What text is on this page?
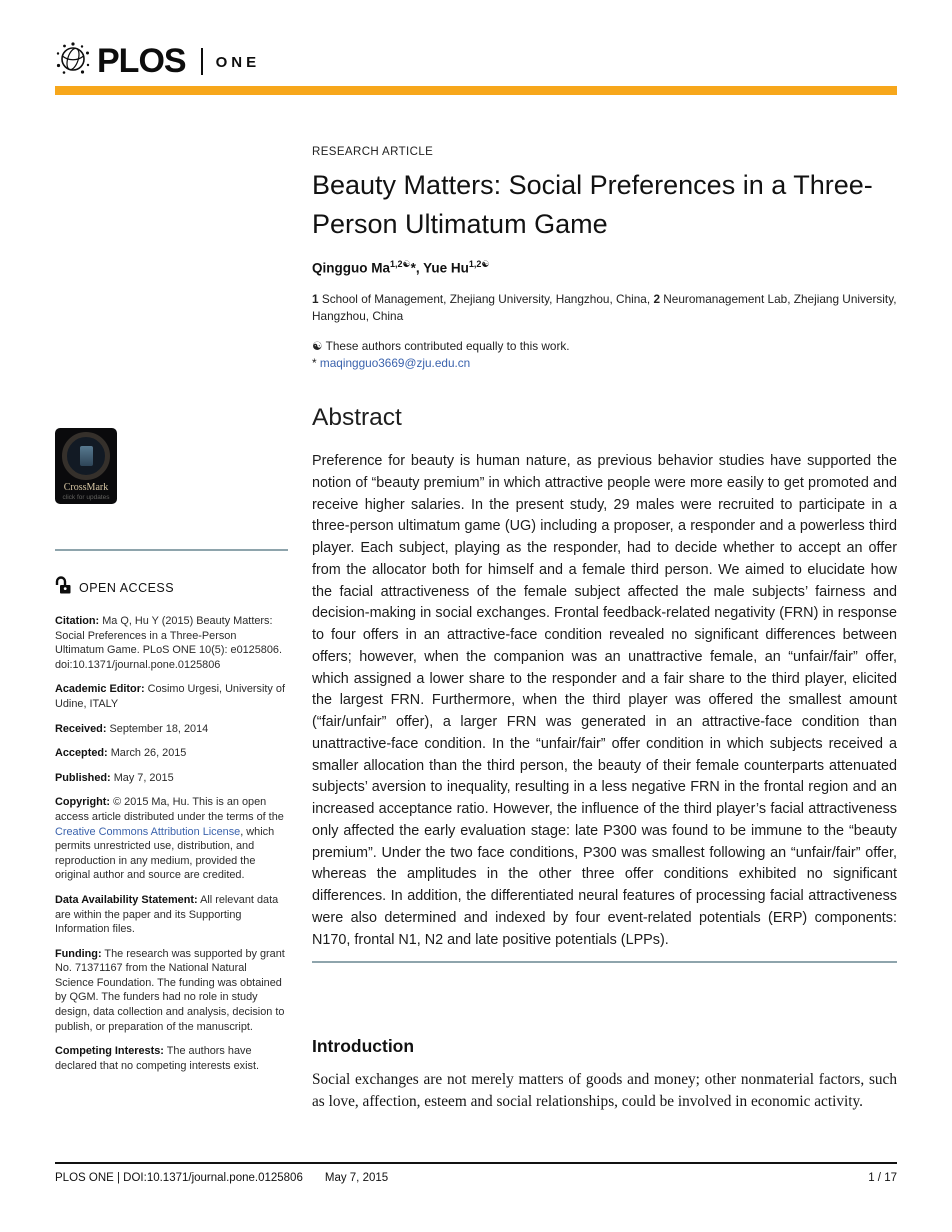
PLOS ONE
CrossMark
click for updates
OPEN ACCESS
Citation: Ma Q, Hu Y (2015) Beauty Matters: Social Preferences in a Three-Person Ultimatum Game. PLoS ONE 10(5): e0125806. doi:10.1371/journal.pone.0125806
Academic Editor: Cosimo Urgesi, University of Udine, ITALY
Received: September 18, 2014
Accepted: March 26, 2015
Published: May 7, 2015
Copyright: © 2015 Ma, Hu. This is an open access article distributed under the terms of the Creative Commons Attribution License, which permits unrestricted use, distribution, and reproduction in any medium, provided the original author and source are credited.
Data Availability Statement: All relevant data are within the paper and its Supporting Information files.
Funding: The research was supported by grant No. 71371167 from the National Natural Science Foundation. The funding was obtained by QGM. The funders had no role in study design, data collection and analysis, decision to publish, or preparation of the manuscript.
Competing Interests: The authors have declared that no competing interests exist.
RESEARCH ARTICLE
Beauty Matters: Social Preferences in a Three-Person Ultimatum Game
Qingguo $Ma^{1,2☯}*$, Yue $Hu^{1,2☯}$
1 School of Management, Zhejiang University, Hangzhou, China, 2 Neuromanagement Lab, Zhejiang University, Hangzhou, China
☯ These authors contributed equally to this work.
* maqingguo3669@zju.edu.cn
Abstract
Preference for beauty is human nature, as previous behavior studies have supported the notion of “beauty premium” in which attractive people were more easily to get promoted and receive higher salaries. In the present study, 29 males were recruited to participate in a three-person ultimatum game (UG) including a proposer, a responder and a powerless third player. Each subject, playing as the responder, had to decide whether to accept an offer from the allocator both for himself and a female third person. We aimed to elucidate how the facial attractiveness of the female subject affected the male subjects’ fairness and decision-making in social exchanges. Frontal feedback-related negativity (FRN) in response to four offers in an attractive-face condition revealed no significant differences between offers; however, when the companion was an unattractive female, an “unfair/fair” offer, which assigned a lower share to the responder and a fair share to the third player, elicited the largest FRN. Furthermore, when the third player was offered the smallest amount (“fair/unfair” offer), a larger FRN was generated in an attractive-face condition than unattractive-face condition. In the “unfair/fair” offer condition in which subjects received a smaller allocation than the third person, the beauty of their female counterparts attenuated subjects’ aversion to inequality, resulting in a less negative FRN in the frontal region and an increased acceptance ratio. However, the influence of the third player’s facial attractiveness only affected the early evaluation stage: late P300 was found to be immune to the “beauty premium”. Under the two face conditions, P300 was smallest following an “unfair/fair” offer, whereas the amplitudes in the other three offer conditions exhibited no significant differences. In addition, the differentiated neural features of processing facial attractiveness were also determined and indexed by four event-related potentials (ERP) components: N170, frontal N1, N2 and late positive potentials (LPPs).
Introduction
Social exchanges are not merely matters of goods and money; other nonmaterial factors, such as love, affection, esteem and social relationships, could be involved in economic activity.
PLOS ONE | DOI:10.1371/journal.pone.0125806 May 7, 2015	1 / 17
